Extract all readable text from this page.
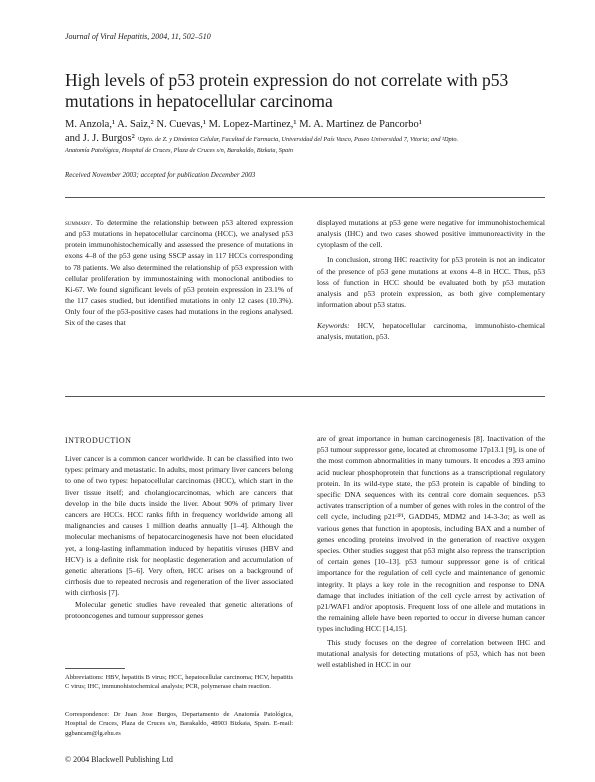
Journal of Viral Hepatitis, 2004, 11, 502–510
High levels of p53 protein expression do not correlate with p53 mutations in hepatocellular carcinoma
M. Anzola,¹ A. Saiz,² N. Cuevas,¹ M. Lopez-Martinez,¹ M. A. Martinez de Pancorbo¹
and J. J. Burgos² ¹Dpto. de Z. y Dinámica Celular, Facultad de Farmacia, Universidad del País Vasco, Paseo Universidad 7, Vitoria; and ²Dpto.
Anatomía Patológica, Hospital de Cruces, Plaza de Cruces s/n, Barakaldo, Bizkaia, Spain
Received November 2003; accepted for publication December 2003

summary. To determine the relationship between p53 altered expression and p53 mutations in hepatocellular carcinoma (HCC), we analysed p53 protein immunohistochemically and assessed the presence of mutations in exons 4–8 of the p53 gene using SSCP assay in 117 HCCs corresponding to 78 patients. We also determined the relationship of p53 expression with cellular proliferation by immunostaining with monoclonal antibodies to Ki-67. We found significant levels of p53 protein expression in 23.1% of the 117 cases studied, but identified mutations in only 12 cases (10.3%). Only four of the p53-positive cases had mutations in the regions analysed. Six of the cases that

displayed mutations at p53 gene were negative for immunohistochemical analysis (IHC) and two cases showed positive immunoreactivity in the cytoplasm of the cell.

In conclusion, strong IHC reactivity for p53 protein is not an indicator of the presence of p53 gene mutations at exons 4–8 in HCC. Thus, p53 loss of function in HCC should be evaluated both by p53 mutation analysis and p53 protein expression, as both give complementary information about p53 status.

Keywords: HCV, hepatocellular carcinoma, immunohisto-chemical analysis, mutation, p53.

INTRODUCTION

Liver cancer is a common cancer worldwide. It can be classified into two types: primary and metastatic. In adults, most primary liver cancers belong to one of two types: hepatocellular carcinomas (HCC), which start in the liver tissue itself; and cholangiocarcinomas, which are cancers that develop in the bile ducts inside the liver. About 90% of primary liver cancers are HCCs. HCC ranks fifth in frequency worldwide among all malignancies and causes 1 million deaths annually [1–4]. Although the molecular mechanisms of hepatocarcinogenesis have not been elucidated yet, a long-lasting inflammation induced by hepatitis viruses (HBV and HCV) is a definite risk for neoplastic degeneration and accumulation of genetic alterations [5–6]. Very often, HCC arises on a background of cirrhosis due to repeated necrosis and regeneration of the liver associated with cirrhosis [7].

Molecular genetic studies have revealed that genetic alterations of protooncogenes and tumour suppressor genes

Abbreviations: HBV, hepatitis B virus; HCC, hepatocellular carcinoma; HCV, hepatitis C virus; IHC, immunohistochemical analysis; PCR, polymerase chain reaction.
Correspondence: Dr Juan Jose Burgos, Departamento de Anatomía Patológica, Hospital de Cruces, Plaza de Cruces s/n, Barakaldo, 48903 Bizkaia, Spain. E-mail: ggbancam@lg.ehu.es

are of great importance in human carcinogenesis [8]. Inactivation of the p53 tumour suppressor gene, located at chromosome 17p13.1 [9], is one of the most common abnormalities in many tumours. It encodes a 393 amino acid nuclear phosphoprotein that functions as a transcriptional regulatory protein. In its wild-type state, the p53 protein is capable of binding to specific DNA sequences with its central core domain sequences. p53 activates transcription of a number of genes with roles in the control of the cell cycle, including p21ᶜᴵᴾ¹, GADD45, MDM2 and 14-3-3σ; as well as various genes that function in apoptosis, including BAX and a number of genes encoding proteins involved in the generation of reactive oxygen species. Other studies suggest that p53 might also repress the transcription of certain genes [10–13]. p53 tumour suppressor gene is of critical importance for the regulation of cell cycle and maintenance of genomic integrity. It plays a key role in the recognition and response to DNA damage that includes initiation of the cell cycle arrest by activation of p21/WAF1 and/or apoptosis. Frequent loss of one allele and mutations in the remaining allele have been reported to occur in diverse human cancer types including HCC [14,15].

This study focuses on the degree of correlation between IHC and mutational analysis for detecting mutations of p53, which has not been well established in HCC in our

© 2004 Blackwell Publishing Ltd
